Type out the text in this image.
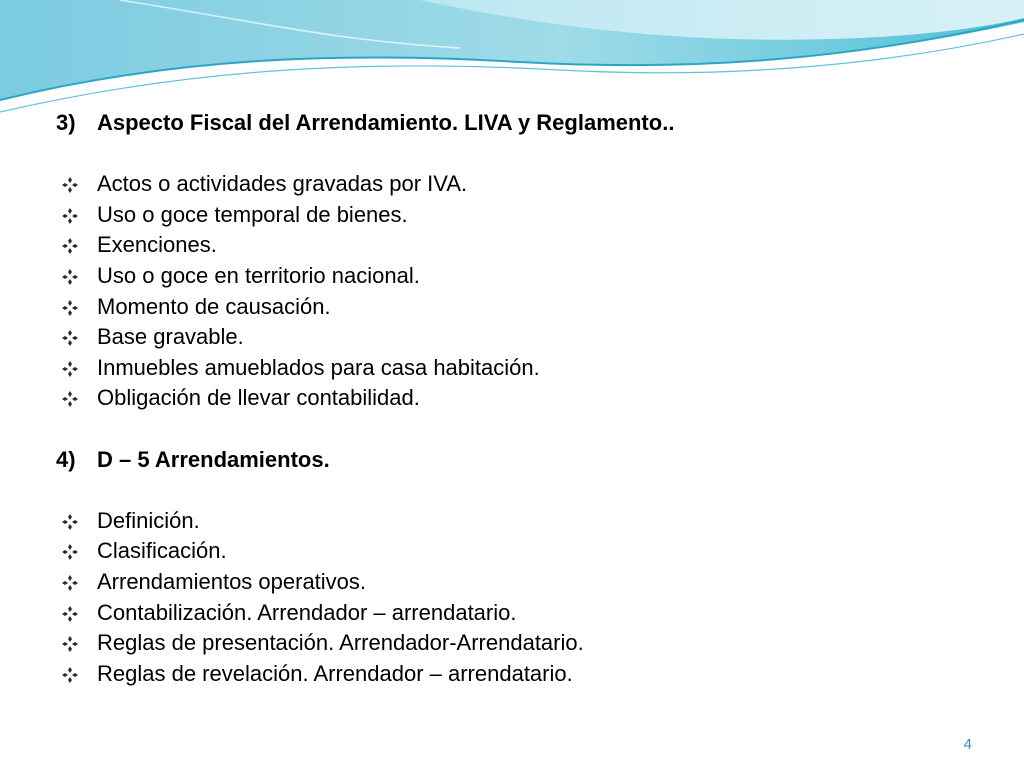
3) Aspecto Fiscal del Arrendamiento. LIVA y Reglamento..
Actos o actividades gravadas por IVA.
Uso o goce temporal de bienes.
Exenciones.
Uso o goce en territorio nacional.
Momento de causación.
Base gravable.
Inmuebles amueblados para casa habitación.
Obligación de llevar contabilidad.
4) D – 5 Arrendamientos.
Definición.
Clasificación.
Arrendamientos operativos.
Contabilización. Arrendador – arrendatario.
Reglas de presentación. Arrendador-Arrendatario.
Reglas de revelación. Arrendador – arrendatario.
4
